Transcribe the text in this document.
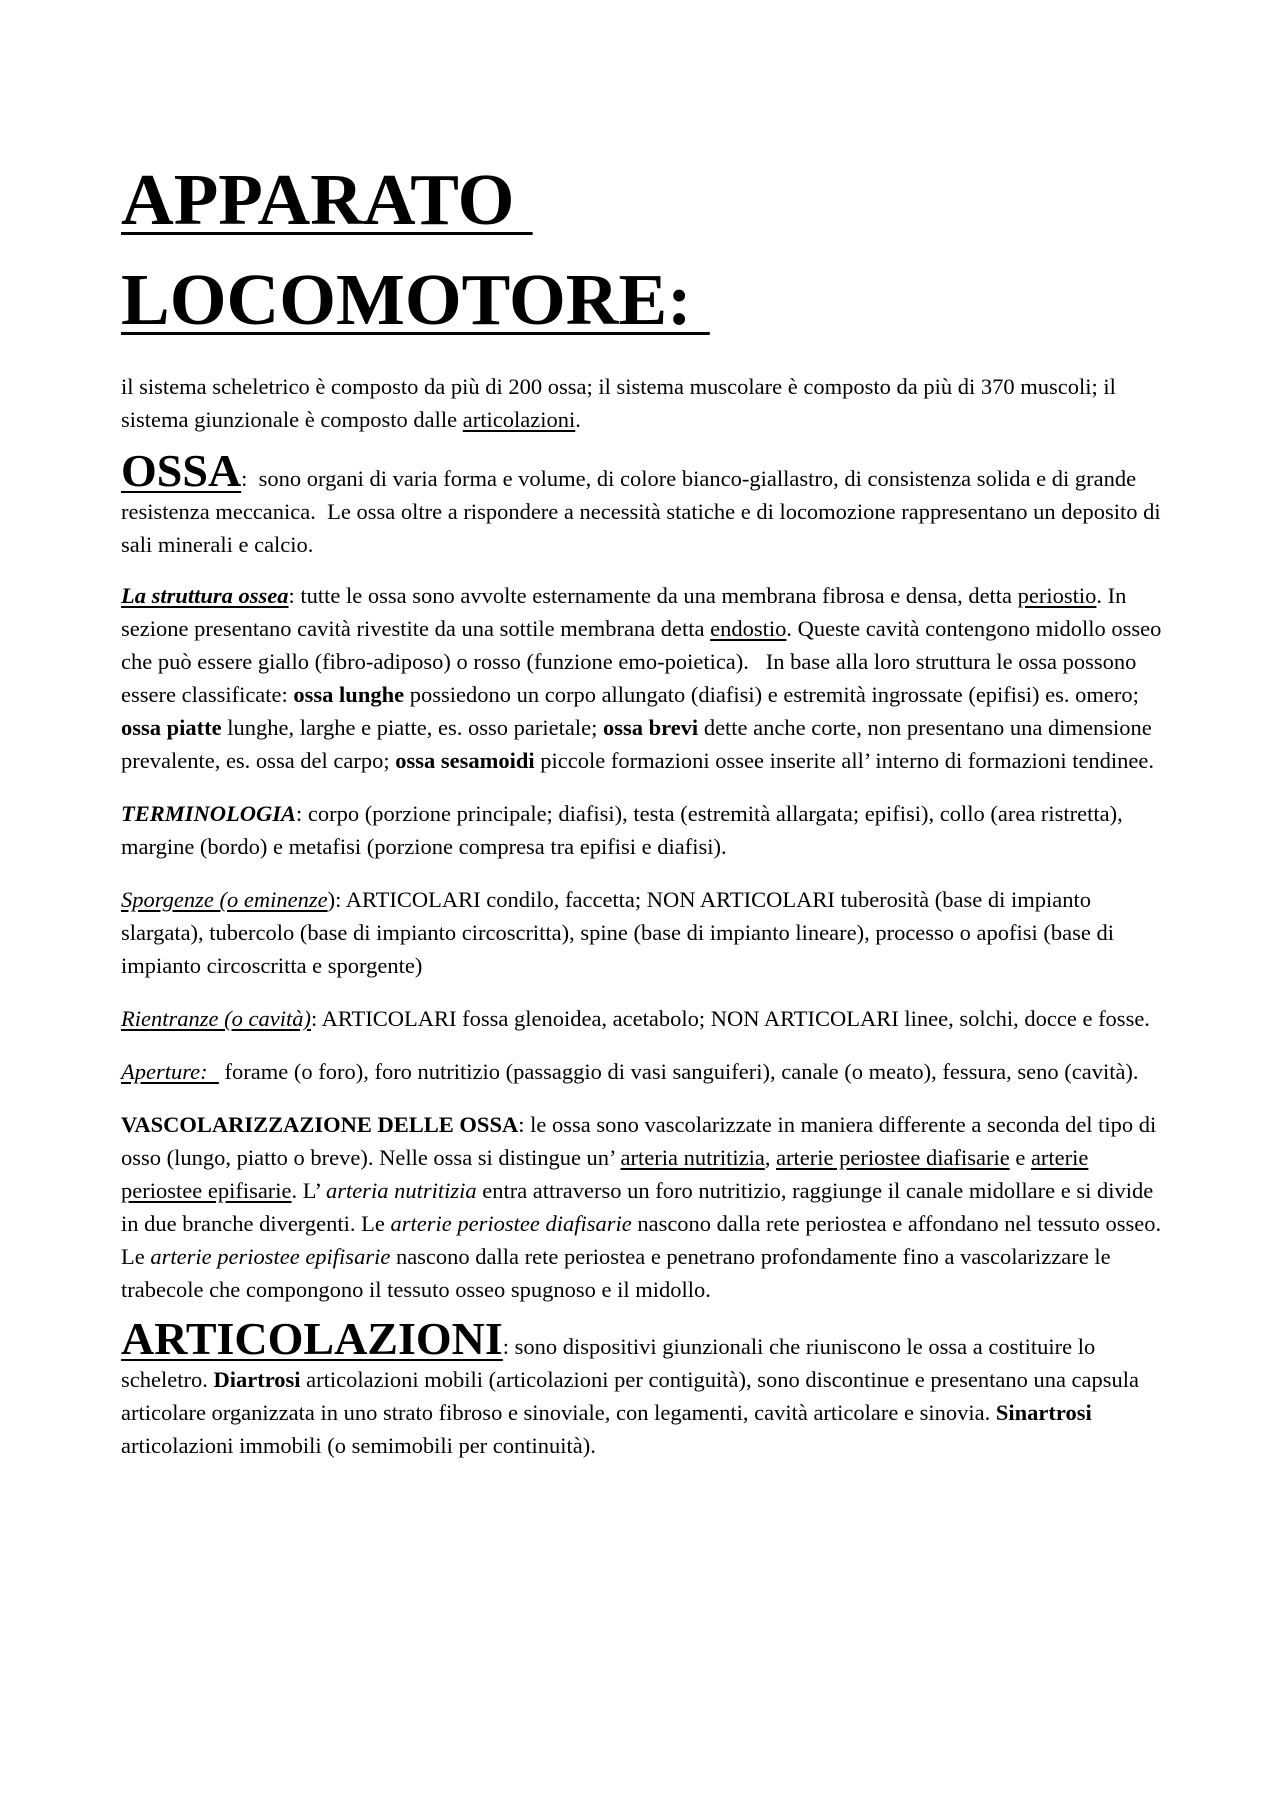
APPARATO
LOCOMOTORE:

il sistema scheletrico è composto da più di 200 ossa; il sistema muscolare è composto da più di 370 muscoli; il sistema giunzionale è composto dalle articolazioni.

OSSA:  sono organi di varia forma e volume, di colore bianco-giallastro, di consistenza solida e di grande resistenza meccanica.  Le ossa oltre a rispondere a necessità statiche e di locomozione rappresentano un deposito di sali minerali e calcio.

La struttura ossea: tutte le ossa sono avvolte esternamente da una membrana fibrosa e densa, detta periostio. In sezione presentano cavità rivestite da una sottile membrana detta endostio. Queste cavità contengono midollo osseo che può essere giallo (fibro-adiposo) o rosso (funzione emo-poietica).   In base alla loro struttura le ossa possono essere classificate: ossa lunghe possiedono un corpo allungato (diafisi) e estremità ingrossate (epifisi) es. omero; ossa piatte lunghe, larghe e piatte, es. osso parietale; ossa brevi dette anche corte, non presentano una dimensione prevalente, es. ossa del carpo; ossa sesamoidi piccole formazioni ossee inserite all’ interno di formazioni tendinee.

TERMINOLOGIA: corpo (porzione principale; diafisi), testa (estremità allargata; epifisi), collo (area ristretta), margine (bordo) e metafisi (porzione compresa tra epifisi e diafisi).

Sporgenze (o eminenze): ARTICOLARI condilo, faccetta; NON ARTICOLARI tuberosità (base di impianto slargata), tubercolo (base di impianto circoscritta), spine (base di impianto lineare), processo o apofisi (base di impianto circoscritta e sporgente)

Rientranze (o cavità): ARTICOLARI fossa glenoidea, acetabolo; NON ARTICOLARI linee, solchi, docce e fosse.

Aperture:   forame (o foro), foro nutritizio (passaggio di vasi sanguiferi), canale (o meato), fessura, seno (cavità).

VASCOLARIZZAZIONE DELLE OSSA: le ossa sono vascolarizzate in maniera differente a seconda del tipo di osso (lungo, piatto o breve). Nelle ossa si distingue un’ arteria nutritizia, arterie periostee diafisarie e arterie periostee epifisarie. L’ arteria nutritizia entra attraverso un foro nutritizio, raggiunge il canale midollare e si divide in due branche divergenti. Le arterie periostee diafisarie nascono dalla rete periostea e affondano nel tessuto osseo. Le arterie periostee epifisarie nascono dalla rete periostea e penetrano profondamente fino a vascolarizzare le trabecole che compongono il tessuto osseo spugnoso e il midollo.

ARTICOLAZIONI: sono dispositivi giunzionali che riuniscono le ossa a costituire lo scheletro. Diartrosi articolazioni mobili (articolazioni per contiguità), sono discontinue e presentano una capsula articolare organizzata in uno strato fibroso e sinoviale, con legamenti, cavità articolare e sinovia. Sinartrosi articolazioni immobili (o semimobili per continuità).
